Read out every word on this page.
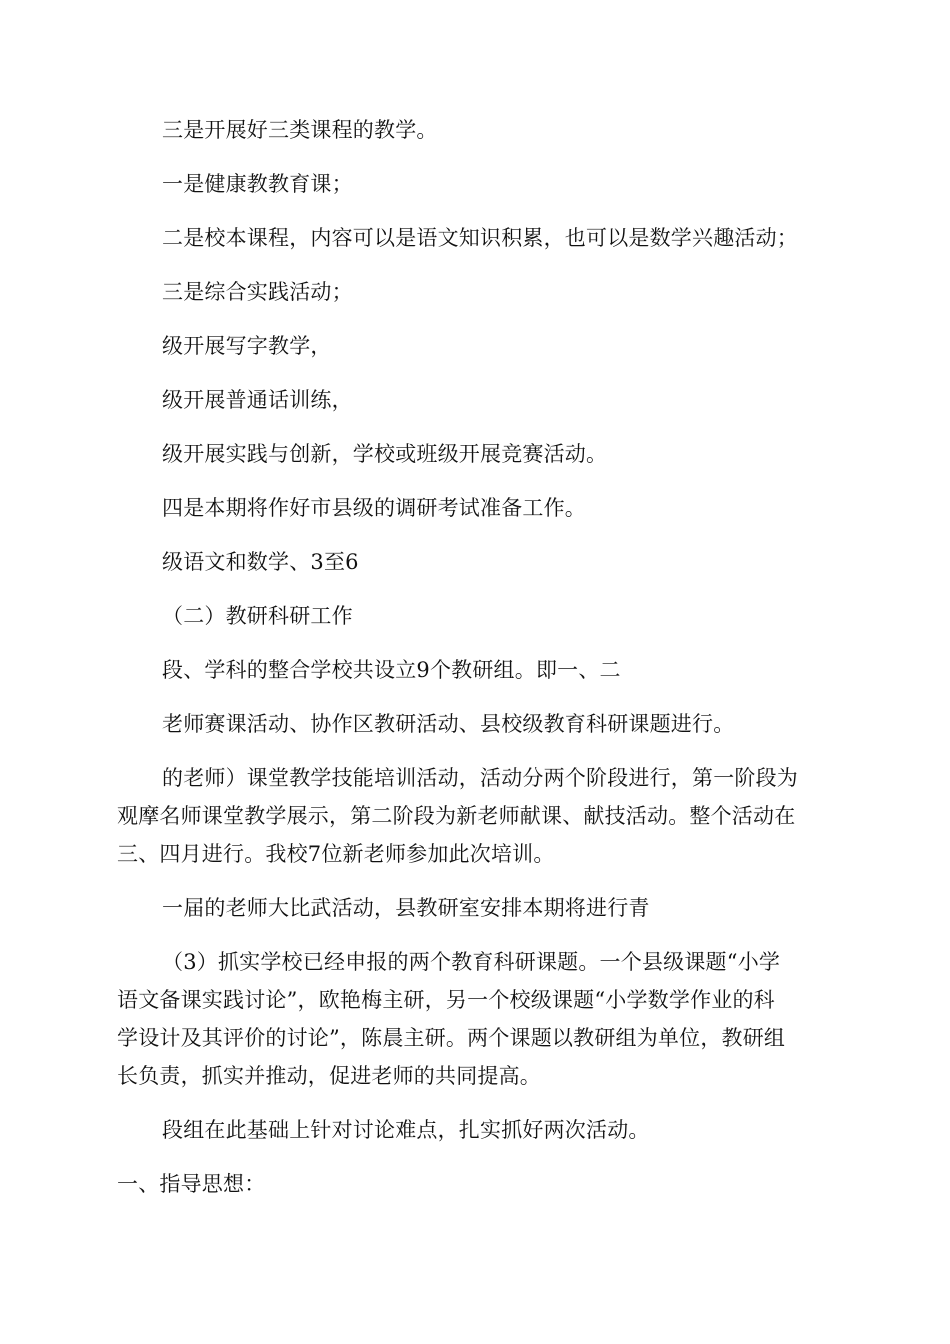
三是开展好三类课程的教学。
一是健康教教育课；
二是校本课程，内容可以是语文知识积累，也可以是数学兴趣活动；
三是综合实践活动；
级开展写字教学，
级开展普通话训练，
级开展实践与创新，学校或班级开展竞赛活动。
四是本期将作好市县级的调研考试准备工作。
级语文和数学、3至6
（二）教研科研工作
段、学科的整合学校共设立9个教研组。即一、二
老师赛课活动、协作区教研活动、县校级教育科研课题进行。
的老师）课堂教学技能培训活动，活动分两个阶段进行，第一阶段为
观摩名师课堂教学展示，第二阶段为新老师献课、献技活动。整个活动在
三、四月进行。我校7位新老师参加此次培训。
一届的老师大比武活动，县教研室安排本期将进行青
（3）抓实学校已经申报的两个教育科研课题。一个县级课题“小学
语文备课实践讨论”，欧艳梅主研，另一个校级课题“小学数学作业的科
学设计及其评价的讨论”，陈晨主研。两个课题以教研组为单位，教研组
长负责，抓实并推动，促进老师的共同提高。
段组在此基础上针对讨论难点，扎实抓好两次活动。
一、指导思想：
